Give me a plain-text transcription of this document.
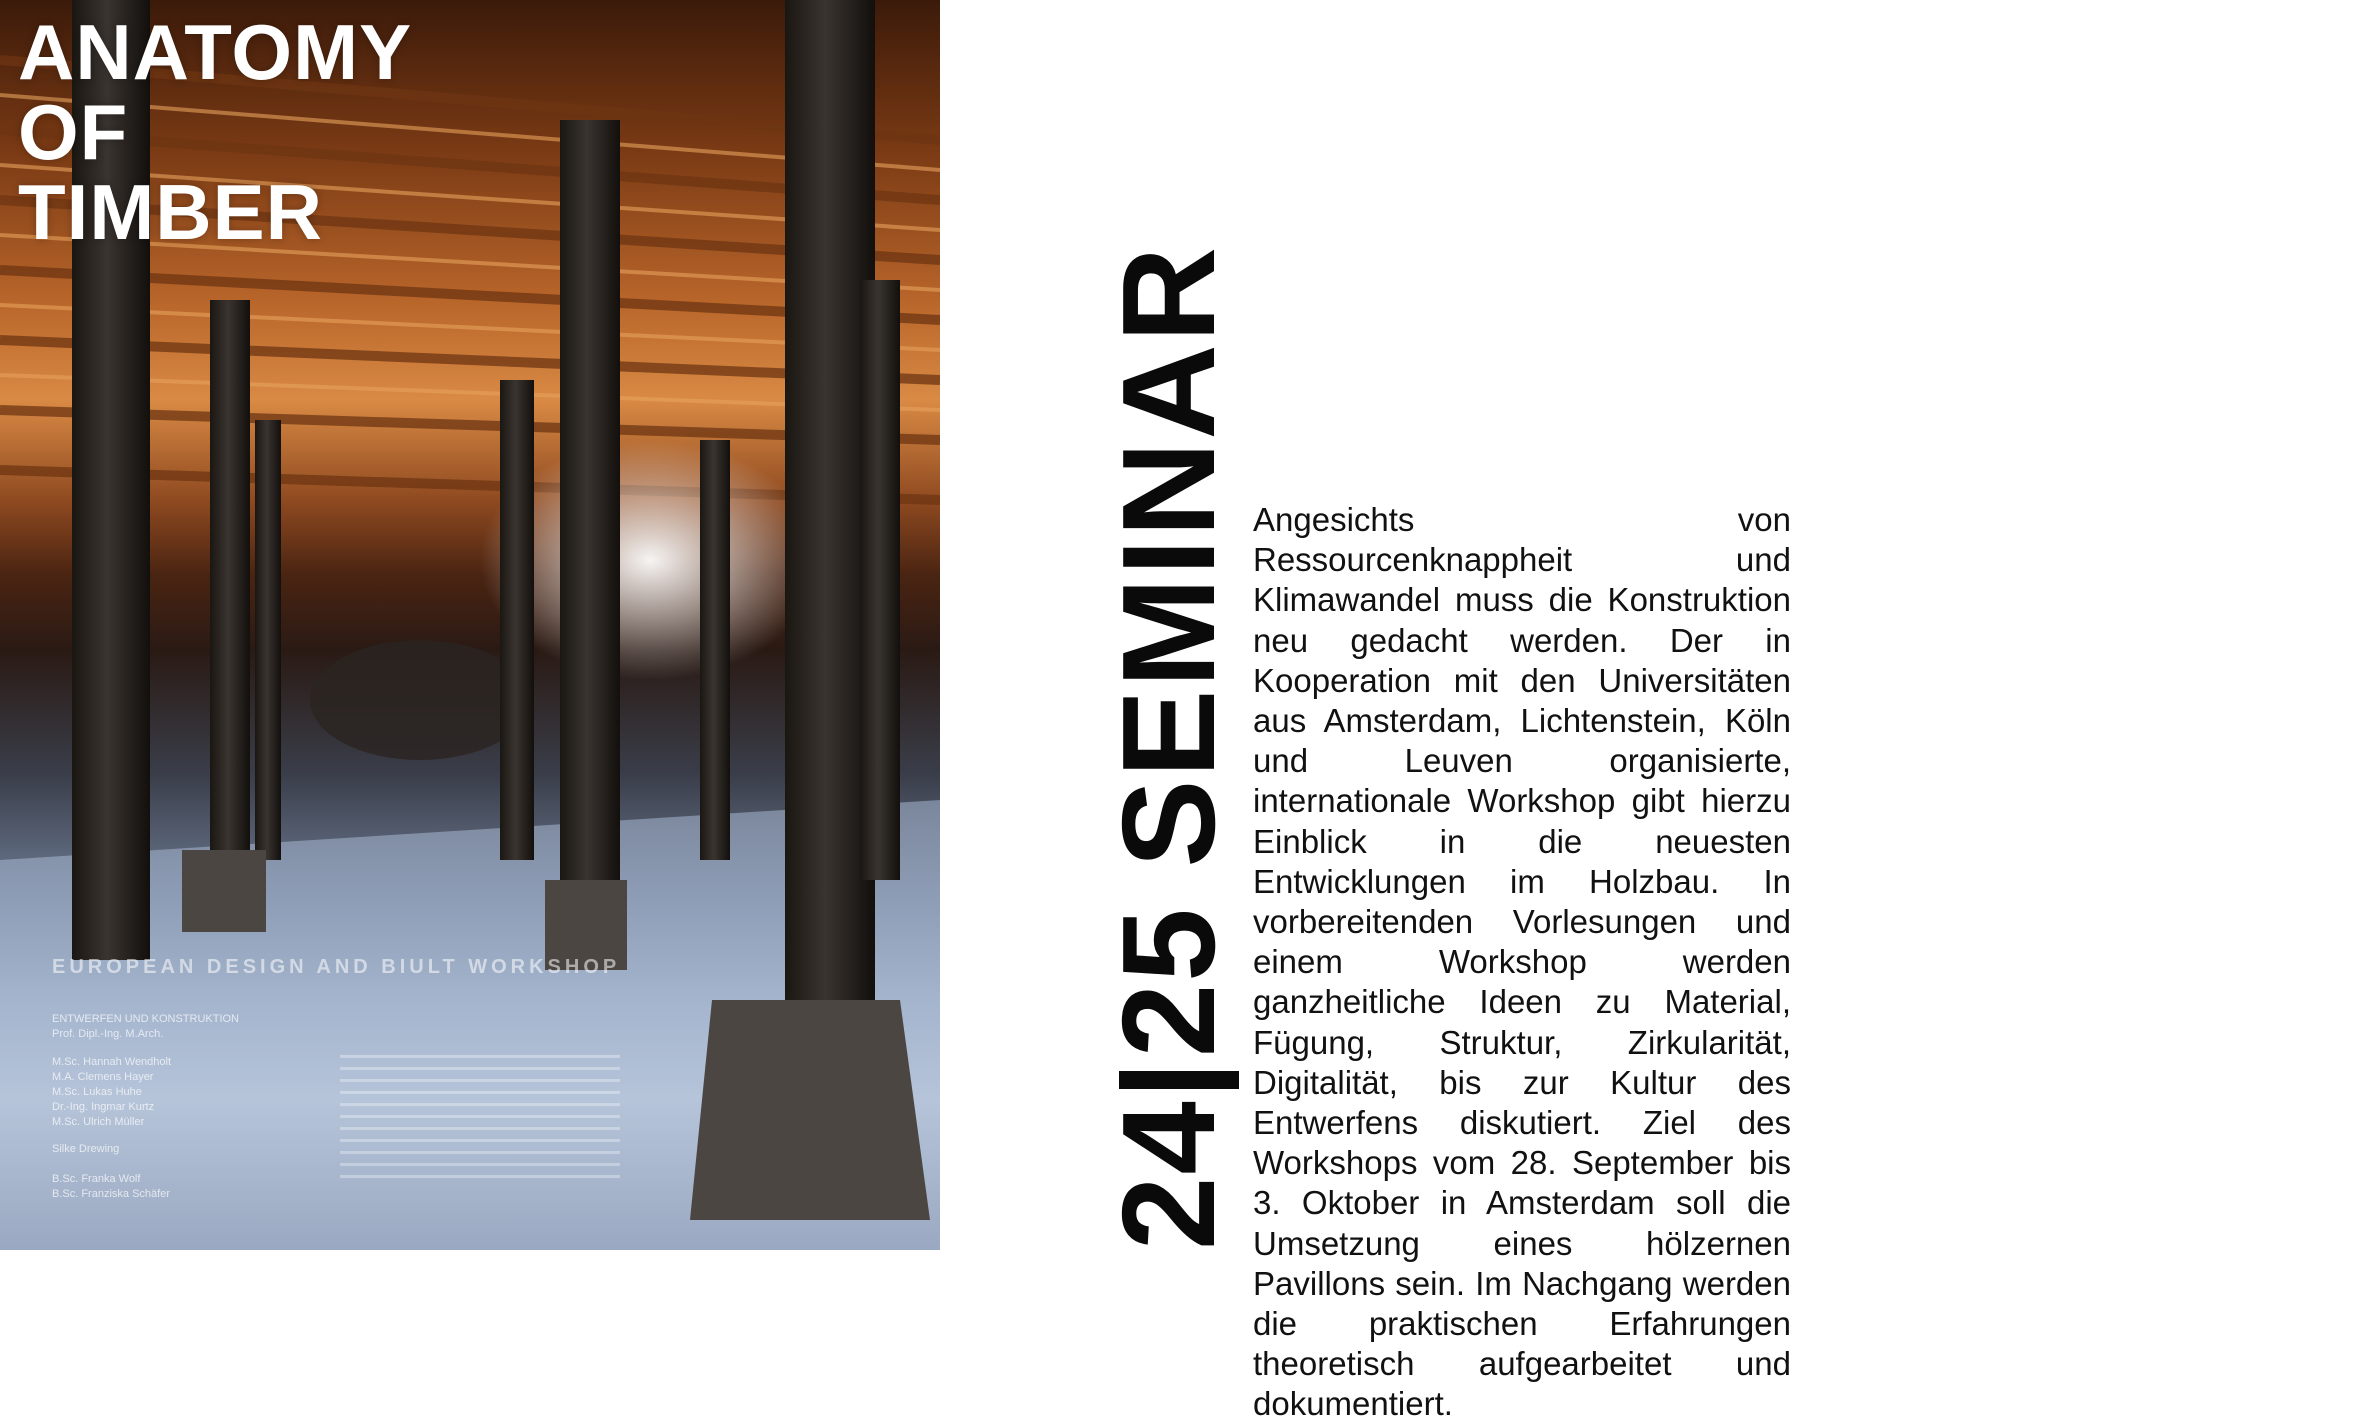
ANATOMY
OF
TIMBER
EUROPEAN DESIGN AND BIULT WORKSHOP
ENTWERFEN UND KONSTRUKTION
Prof. Dipl.-Ing. M.Arch.
M.Sc. Hannah Wendholt
M.A. Clemens Hayer
M.Sc. Lukas Huhe
Dr.-Ing. Ingmar Kurtz
M.Sc. Ulrich Müller
Silke Drewing
B.Sc. Franka Wolf
B.Sc. Franziska Schäfer	2425 SEMINAR Angesichts von Ressourcenknappheit und Klimawandel muss die Konstruktion neu gedacht werden. Der in Kooperation mit den Universitäten aus Amsterdam, Lichtenstein, Köln und Leuven organisierte, internationale Workshop gibt hierzu Einblick in die neuesten Entwicklungen im Holzbau. In vorbereitenden Vorlesungen und einem Workshop werden ganzheitliche Ideen zu Material, Fügung, Struktur, Zirkularität, Digitalität, bis zur Kultur des Entwerfens diskutiert. Ziel des Workshops vom 28. September bis 3. Oktober in Amsterdam soll die Umsetzung eines hölzernen Pavillons sein. Im Nachgang werden die praktischen Erfahrungen theoretisch aufgearbeitet und dokumentiert.
